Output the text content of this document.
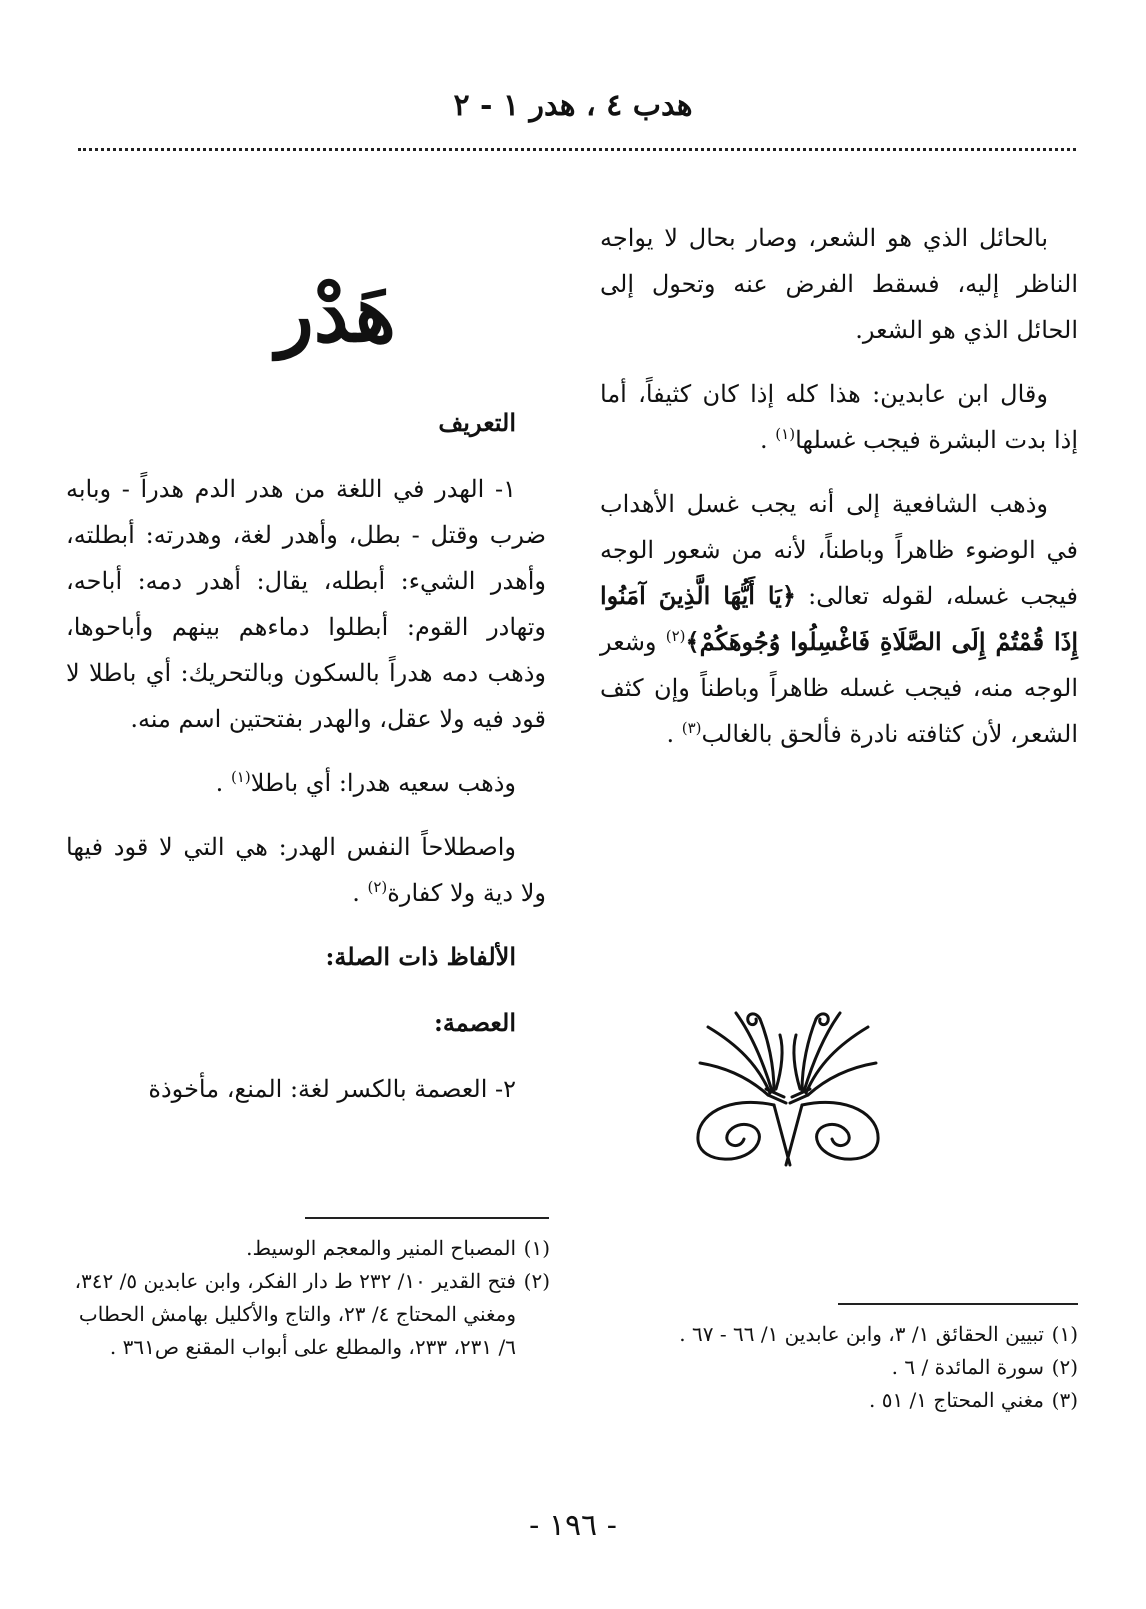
هدب ٤ ، هدر ١ - ٢

بالحائل الذي هو الشعر، وصار بحال لا يواجه الناظر إليه، فسقط الفرض عنه وتحول إلى الحائل الذي هو الشعر.

وقال ابن عابدين: هذا كله إذا كان كثيفاً، أما إذا بدت البشرة فيجب غسلها$^{(١)}$ .

وذهب الشافعية إلى أنه يجب غسل الأهداب في الوضوء ظاهراً وباطناً، لأنه من شعور الوجه فيجب غسله، لقوله تعالى: ﴿يَا أَيُّهَا الَّذِينَ آمَنُوا إِذَا قُمْتُمْ إِلَى الصَّلَاةِ فَاغْسِلُوا وُجُوهَكُمْ﴾$^{(٢)}$ وشعر الوجه منه، فيجب غسله ظاهراً وباطناً وإن كثف الشعر، لأن كثافته نادرة فألحق بالغالب$^{(٣)}$ .

هَدْر
التعريف

١- الهدر في اللغة من هدر الدم هدراً - وبابه ضرب وقتل - بطل، وأهدر لغة، وهدرته: أبطلته، وأهدر الشيء: أبطله، يقال: أهدر دمه: أباحه، وتهادر القوم: أبطلوا دماءهم بينهم وأباحوها، وذهب دمه هدراً بالسكون وبالتحريك: أي باطلا لا قود فيه ولا عقل، والهدر بفتحتين اسم منه.

وذهب سعيه هدرا: أي باطلا$^{(١)}$ .

واصطلاحاً النفس الهدر: هي التي لا قود فيها ولا دية ولا كفارة$^{(٢)}$ .

الألفاظ ذات الصلة:
العصمة:

٢- العصمة بالكسر لغة: المنع، مأخوذة

(١)
المصباح المنير والمعجم الوسيط.
(٢)
فتح القدير ١٠/ ٢٣٢ ط دار الفكر، وابن عابدين ٥/ ٣٤٢، ومغني المحتاج ٤/ ٢٣، والتاج والأكليل بهامش الحطاب ٦/ ٢٣١، ٢٣٣، والمطلع على أبواب المقنع ص٣٦١ .
(١)
تبيين الحقائق ١/ ٣، وابن عابدين ١/ ٦٦ - ٦٧ .
(٢)
سورة المائدة / ٦ .
(٣)
مغني المحتاج ١/ ٥١ .
- ١٩٦ -
